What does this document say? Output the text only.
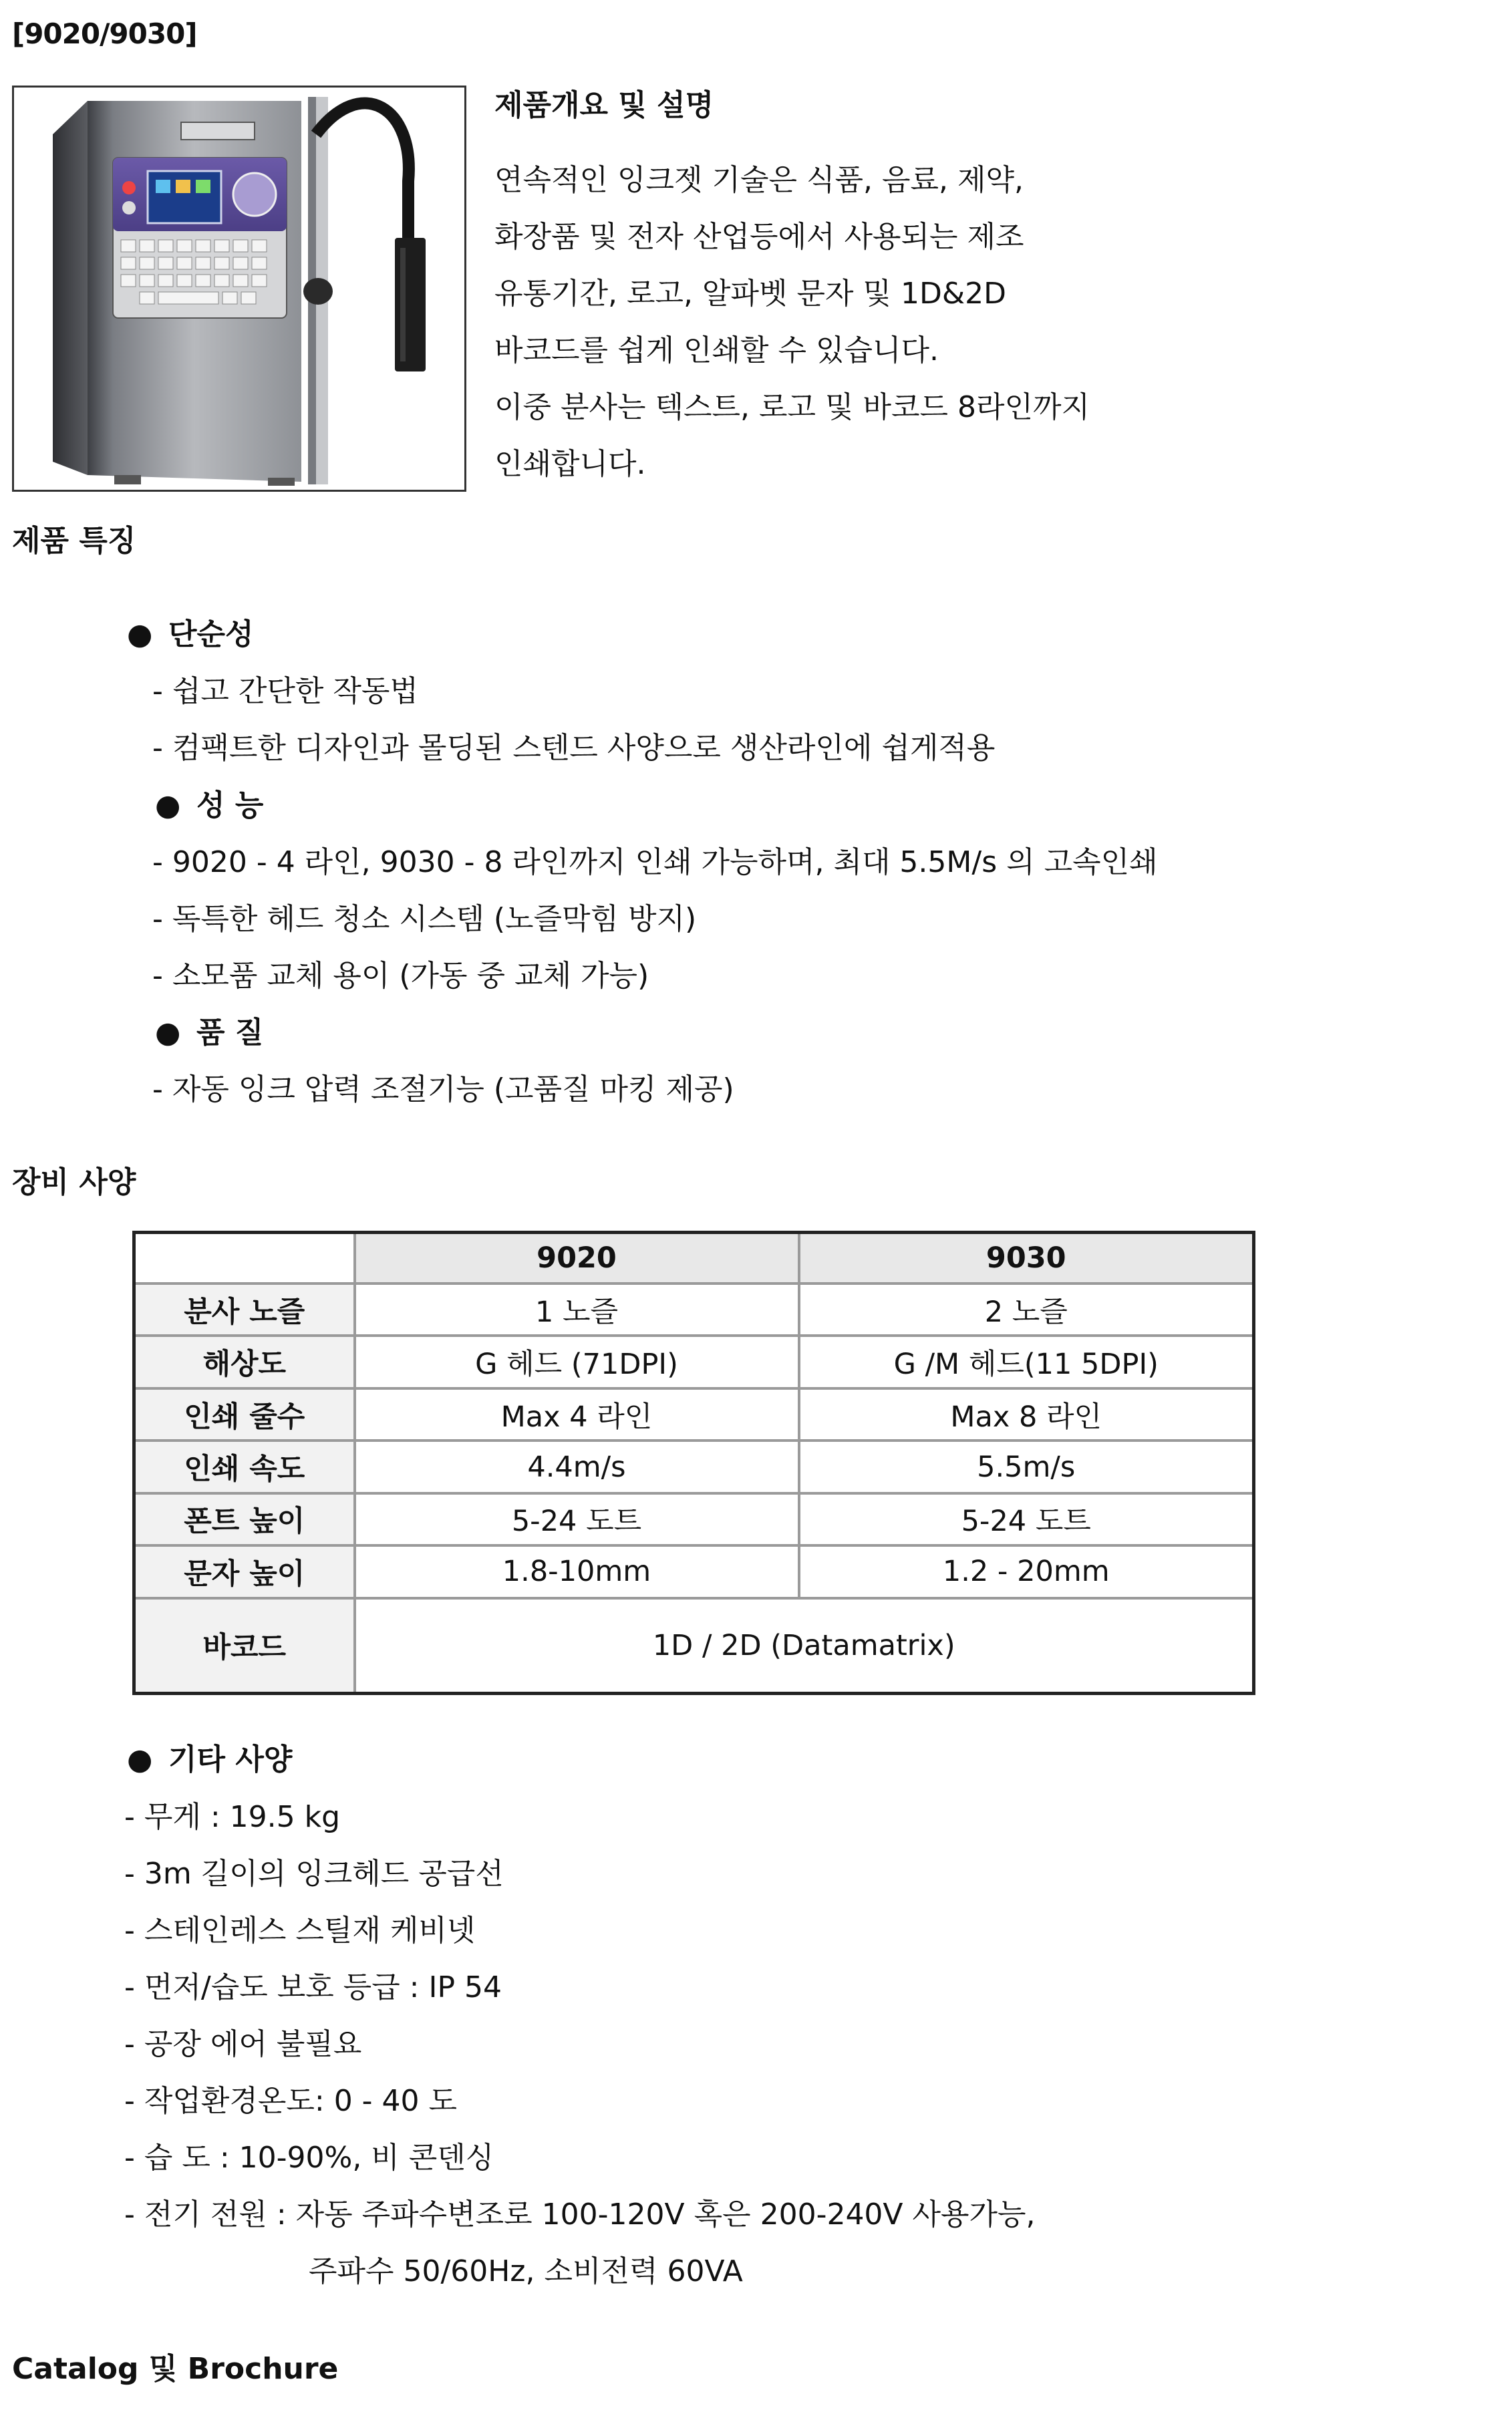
[9020/9030]
제품개요 및 설명
연속적인 잉크젯 기술은 식품, 음료, 제약,
화장품 및 전자 산업등에서 사용되는 제조
유통기간, 로고, 알파벳 문자 및 1D&2D
바코드를 쉽게 인쇄할 수 있습니다.
이중 분사는 텍스트, 로고 및 바코드 8라인까지
인쇄합니다.
제품 특징
● 단순성
- 쉽고 간단한 작동법
- 컴팩트한 디자인과 몰딩된 스텐드 사양으로 생산라인에 쉽게적용
● 성 능
- 9020 - 4 라인, 9030 - 8 라인까지 인쇄 가능하며, 최대 5.5M/s 의 고속인쇄
- 독특한 헤드 청소 시스템 (노즐막힘 방지)
- 소모품 교체 용이 (가동 중 교체 가능)
● 품 질
- 자동 잉크 압력 조절기능 (고품질 마킹 제공)
장비 사양
	9020	9030
분사 노즐	1 노즐	2 노즐
해상도	G 헤드 (71DPI)	G /M 헤드(11 5DPI)
인쇄 줄수	Max 4 라인	Max 8 라인
인쇄 속도	4.4m/s	5.5m/s
폰트 높이	5-24 도트	5-24 도트
문자 높이	1.8-10mm	1.2 - 20mm
바코드	1D / 2D (Datamatrix)	
● 기타 사양
- 무게 : 19.5 kg
- 3m 길이의 잉크헤드 공급선
- 스테인레스 스틸재 케비넷
- 먼저/습도 보호 등급 : IP 54
- 공장 에어 불필요
- 작업환경온도: 0 - 40 도
- 습 도 : 10-90%, 비 콘덴싱
- 전기 전원 : 자동 주파수변조로 100-120V 혹은 200-240V 사용가능,
주파수 50/60Hz, 소비전력 60VA
Catalog 및 Brochure
